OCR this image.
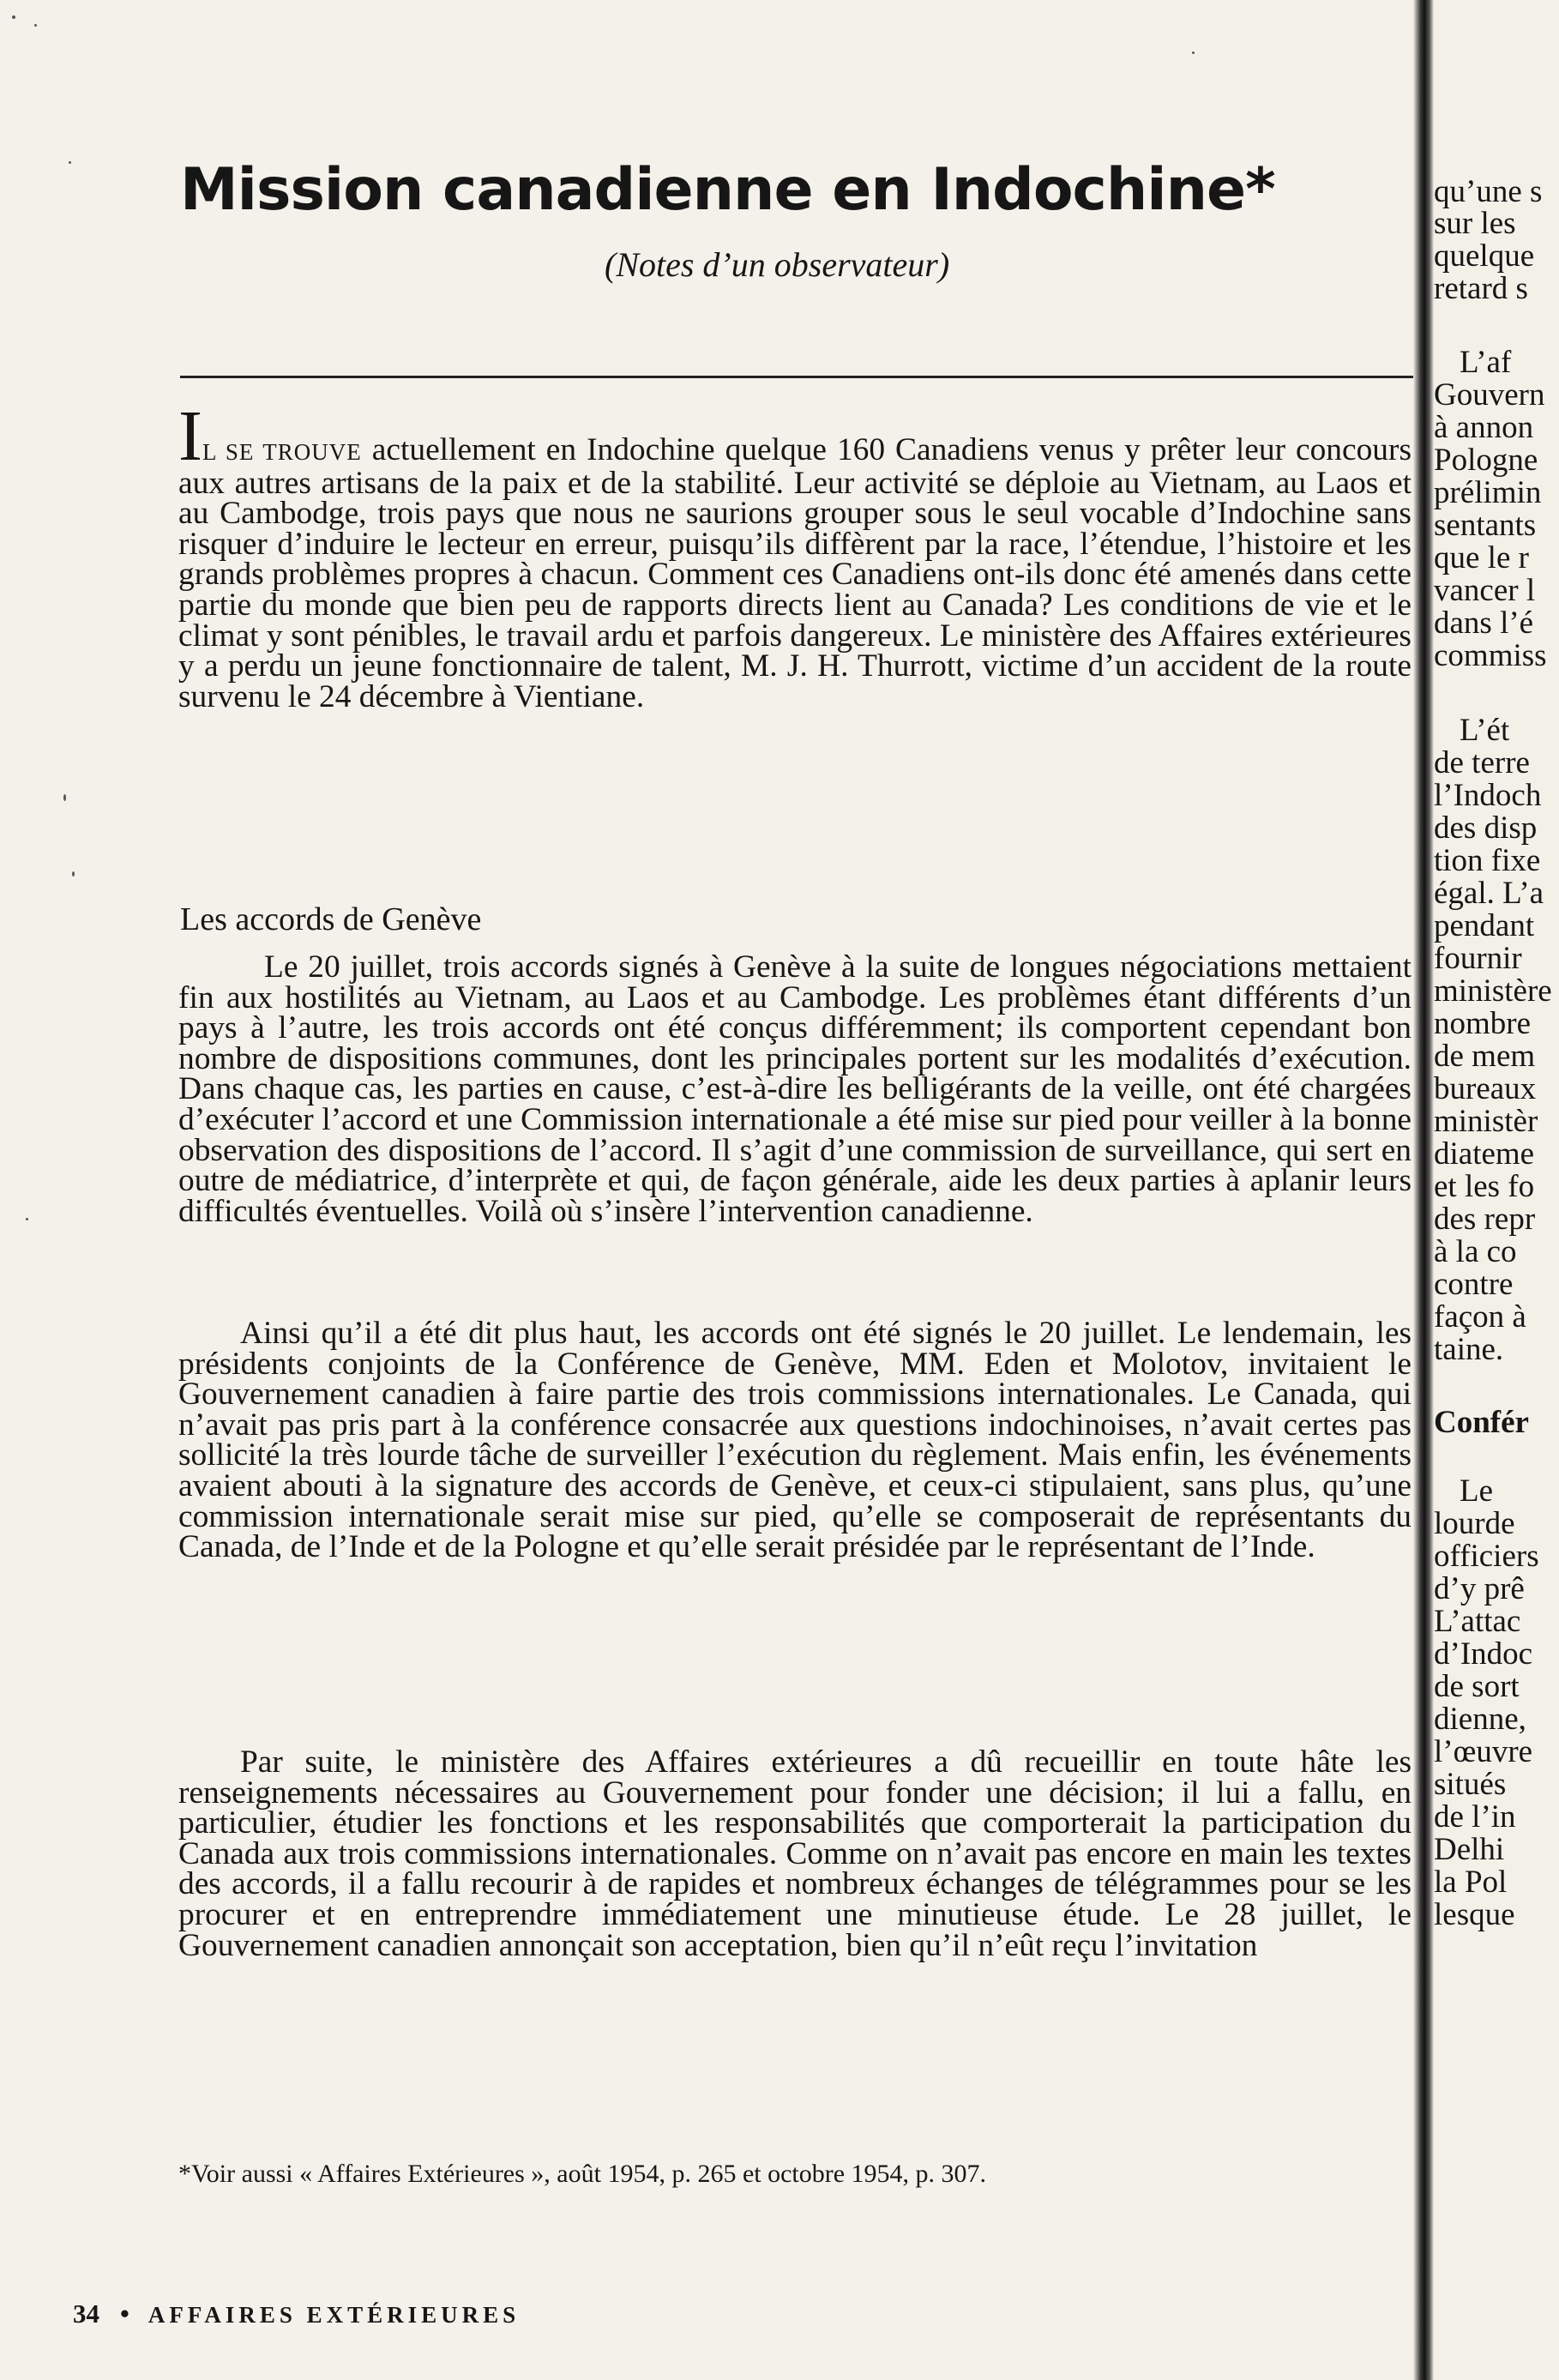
Mission canadienne en Indochine*
(Notes d’un observateur)

IL SE TROUVE actuellement en Indochine quelque 160 Canadiens venus y prêter leur concours aux autres artisans de la paix et de la stabilité. Leur activité se déploie au Vietnam, au Laos et au Cambodge, trois pays que nous ne saurions grouper sous le seul vocable d’Indochine sans risquer d’induire le lecteur en erreur, puisqu’ils diffèrent par la race, l’étendue, l’histoire et les grands problèmes propres à chacun. Comment ces Canadiens ont-ils donc été amenés dans cette partie du monde que bien peu de rapports directs lient au Canada? Les conditions de vie et le climat y sont pénibles, le travail ardu et parfois dangereux. Le ministère des Affaires extérieures y a perdu un jeune fonctionnaire de talent, M. J. H. Thurrott, victime d’un accident de la route survenu le 24 décembre à Vientiane.

Les accords de Genève

Le 20 juillet, trois accords signés à Genève à la suite de longues négociations mettaient fin aux hostilités au Vietnam, au Laos et au Cambodge. Les problèmes étant différents d’un pays à l’autre, les trois accords ont été conçus différemment; ils comportent cependant bon nombre de dispositions communes, dont les principales portent sur les modalités d’exécution. Dans chaque cas, les parties en cause, c’est-à-dire les belligérants de la veille, ont été chargées d’exécuter l’accord et une Commission internationale a été mise sur pied pour veiller à la bonne observation des dispositions de l’accord. Il s’agit d’une commission de surveillance, qui sert en outre de médiatrice, d’interprète et qui, de façon générale, aide les deux parties à aplanir leurs difficultés éventuelles. Voilà où s’insère l’intervention canadienne.

Ainsi qu’il a été dit plus haut, les accords ont été signés le 20 juillet. Le lendemain, les présidents conjoints de la Conférence de Genève, MM. Eden et Molotov, invitaient le Gouvernement canadien à faire partie des trois commissions internationales. Le Canada, qui n’avait pas pris part à la conférence consacrée aux questions indochinoises, n’avait certes pas sollicité la très lourde tâche de surveiller l’exécution du règlement. Mais enfin, les événements avaient abouti à la signature des accords de Genève, et ceux-ci stipulaient, sans plus, qu’une commission internationale serait mise sur pied, qu’elle se composerait de représentants du Canada, de l’Inde et de la Pologne et qu’elle serait présidée par le représentant de l’Inde.

Par suite, le ministère des Affaires extérieures a dû recueillir en toute hâte les renseignements nécessaires au Gouvernement pour fonder une décision; il lui a fallu, en particulier, étudier les fonctions et les responsabilités que comporterait la participation du Canada aux trois commissions internationales. Comme on n’avait pas encore en main les textes des accords, il a fallu recourir à de rapides et nombreux échanges de télégrammes pour se les procurer et en entreprendre immédiatement une minutieuse étude. Le 28 juillet, le Gouvernement canadien annonçait son acceptation, bien qu’il n’eût reçu l’invitation

*Voir aussi « Affaires Extérieures », août 1954, p. 265 et octobre 1954, p. 307.
34 • AFFAIRES EXTÉRIEURES
qu’une s
sur les
quelque
retard s
L’af
Gouvern
à annon
Pologne
prélimin
sentants
que le r
vancer l
dans l’é
commiss
L’ét
de terre
l’Indoch
des disp
tion fixe
égal. L’a
pendant
fournir
ministère
nombre
de mem
bureaux
ministèr
diateme
et les fo
des repr
à la co
contre
façon à
taine.
Confér
Le
lourde
officiers
d’y prê
L’attac
d’Indoc
de sort
dienne,
l’œuvre
situés
de l’in
Delhi
la Pol
lesque
